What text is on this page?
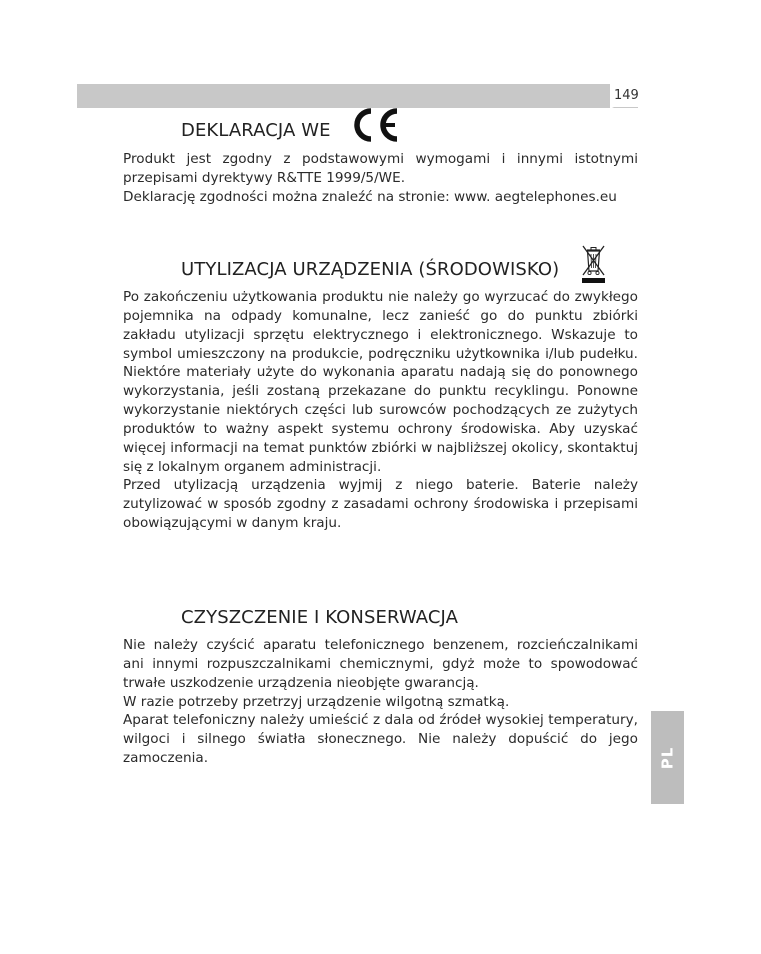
149
DEKLARACJA WE

Produkt jest zgodny z podstawowymi wymogami i innymi istotnymi przepisami dyrektywy R&TTE 1999/5/WE.

Deklarację zgodności można znaleźć na stronie: www. aegtelephones.eu

UTYLIZACJA URZĄDZENIA (ŚRODOWISKO)

Po zakończeniu użytkowania produktu nie należy go wyrzucać do zwykłego pojemnika na odpady komunalne, lecz zanieść go do punktu zbiórki zakładu utylizacji sprzętu elektrycznego i elektronicznego. Wskazuje to symbol umieszczony na produkcie, podręczniku użytkownika i/lub pudełku. Niektóre materiały użyte do wykonania aparatu nadają się do ponownego wykorzystania, jeśli zostaną przekazane do punktu recyklingu. Ponowne wykorzystanie niektórych części lub surowców pochodzących ze zużytych produktów to ważny aspekt systemu ochrony środowiska. Aby uzyskać więcej informacji na temat punktów zbiórki w najbliższej okolicy, skontaktuj się z lokalnym organem administracji.

Przed utylizacją urządzenia wyjmij z niego baterie. Baterie należy zutylizować w sposób zgodny z zasadami ochrony środowiska i przepisami obowiązującymi w danym kraju.

CZYSZCZENIE I KONSERWACJA

Nie należy czyścić aparatu telefonicznego benzenem, rozcieńczalnikami ani innymi rozpuszczalnikami chemicznymi, gdyż może to spowodować trwałe uszkodzenie urządzenia nieobjęte gwarancją.

W razie potrzeby przetrzyj urządzenie wilgotną szmatką.

Aparat telefoniczny należy umieścić z dala od źródeł wysokiej temperatury, wilgoci i silnego światła słonecznego. Nie należy dopuścić do jego zamoczenia.	PL
